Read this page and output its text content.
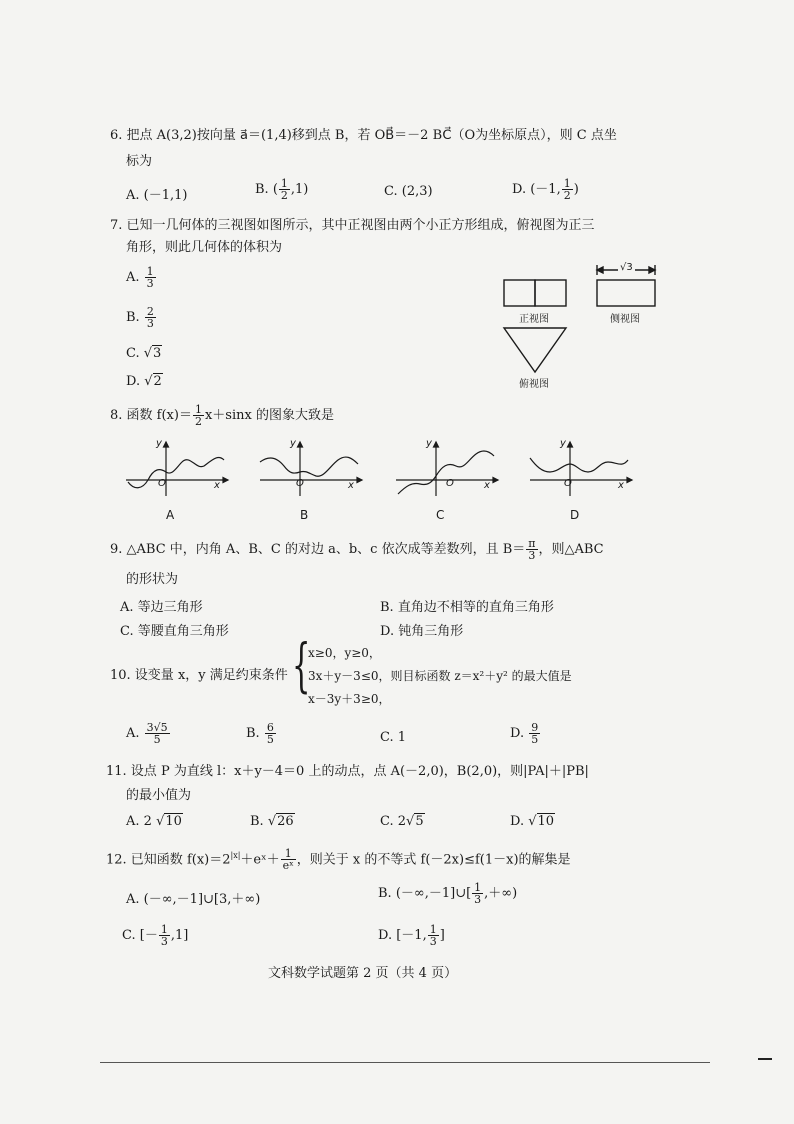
6. 把点 A(3,2)按向量 a⃗＝(1,4)移到点 B，若 OB⃗＝－2 BC⃗（O为坐标原点），则 C 点坐
标为
A. (－1,1)	B. ( $\frac{1}{2} ,1$)	C. (2,3)	D. (－1, $\frac{1}{2}$ )
7. 已知一几何体的三视图如图所示，其中正视图由两个小正方形组成，俯视图为正三
角形，则此几何体的体积为
A. $\frac{1}{3}$
B. $\frac{2}{3}$
C. √3
D. √2
√3
正视图	侧视图
俯视图
8. 函数 $f(x)= \frac{1}{2} x+\sin x$ 的图象大致是
y
x
O
A
y
x
O
B
y
x
O
C
y
x
O
D
9. △ABC 中，内角 A、B、C 的对边 a、b、c 依次成等差数列，且 $B= \frac{\pi}{3}$ ，则△ABC
的形状为
A. 等边三角形	B. 直角边不相等的直角三角形
C. 等腰直角三角形	D. 钝角三角形
10. 设变量 x，y 满足约束条件 {
x≥0，y≥0，
3x＋y－3≤0，则目标函数 z＝x²＋y² 的最大值是
x－3y＋3≥0，
A. $\frac{3√5}{5}$	B. $\frac{6}{5}$	C. 1	D. $\frac{9}{5}$
11. 设点 P 为直线 l：x＋y－4＝0 上的动点，点 A(－2,0)，B(2,0)，则|PA|＋|PB|
的最小值为
A. 2 √10	B. √26	C. 2√5	D. √10
12. 已知函数 $f(x)=2^{|x|}+eˣ+ \frac{1}{\text{eˣ}}$ ，则关于 x 的不等式 f(－2x)≤f(1－x)的解集是
A. (－∞,－1]∪[3,＋∞)	B. (－∞,－1]∪[ $\frac{1}{3}$ ,＋∞)
C. [－ $\frac{1}{3} ,1$]	D. [－1, $\frac{1}{3}$ ]
文科数学试题第 2 页（共 4 页）
